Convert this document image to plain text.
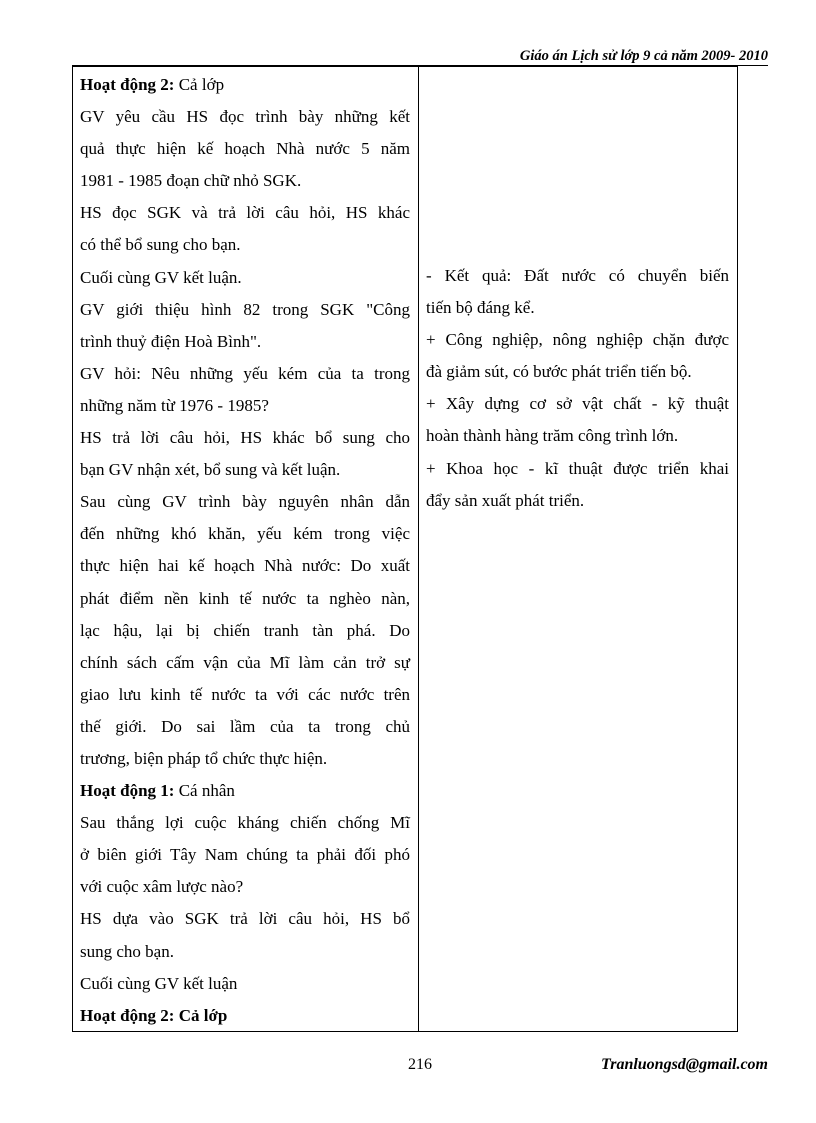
Giáo án Lịch sử lớp 9 cả năm 2009- 2010
Hoạt động 2: Cả lớp
GV yêu cầu HS đọc trình bày những kết
quả thực hiện kế hoạch Nhà nước 5 năm
1981 - 1985 đoạn chữ nhỏ SGK.
HS đọc SGK và trả lời câu hỏi, HS khác
có thể bổ sung cho bạn.
Cuối cùng GV kết luận.
GV giới thiệu hình 82 trong SGK "Công
trình thuỷ điện Hoà Bình".
GV hỏi: Nêu những yếu kém của ta trong
những năm từ 1976 - 1985?
HS trả lời câu hỏi, HS khác bổ sung cho
bạn GV nhận xét, bổ sung và kết luận.
Sau cùng GV trình bày nguyên nhân dẫn
đến những khó khăn, yếu kém trong việc
thực hiện hai kế hoạch Nhà nước: Do xuất
phát điểm nền kinh tế nước ta nghèo nàn,
lạc hậu, lại bị chiến tranh tàn phá. Do
chính sách cấm vận của Mĩ làm cản trở sự
giao lưu kinh tế nước ta với các nước trên
thế giới. Do sai lầm của ta trong chủ
trương, biện pháp tổ chức thực hiện.
Hoạt động 1: Cá nhân
Sau thắng lợi cuộc kháng chiến chống Mĩ
ở biên giới Tây Nam chúng ta phải đối phó
với cuộc xâm lược nào?
HS dựa vào SGK trả lời câu hỏi, HS bổ
sung cho bạn.
Cuối cùng GV kết luận
Hoạt động 2: Cả lớp
- Kết quả: Đất nước có chuyển biến
tiến bộ đáng kể.
+ Công nghiệp, nông nghiệp chặn được
đà giảm sút, có bước phát triển tiến bộ.
+ Xây dựng cơ sở vật chất - kỹ thuật
hoàn thành hàng trăm công trình lớn.
+ Khoa học - kĩ thuật được triển khai
đẩy sản xuất phát triển.
216	Tranluongsd@gmail.com
